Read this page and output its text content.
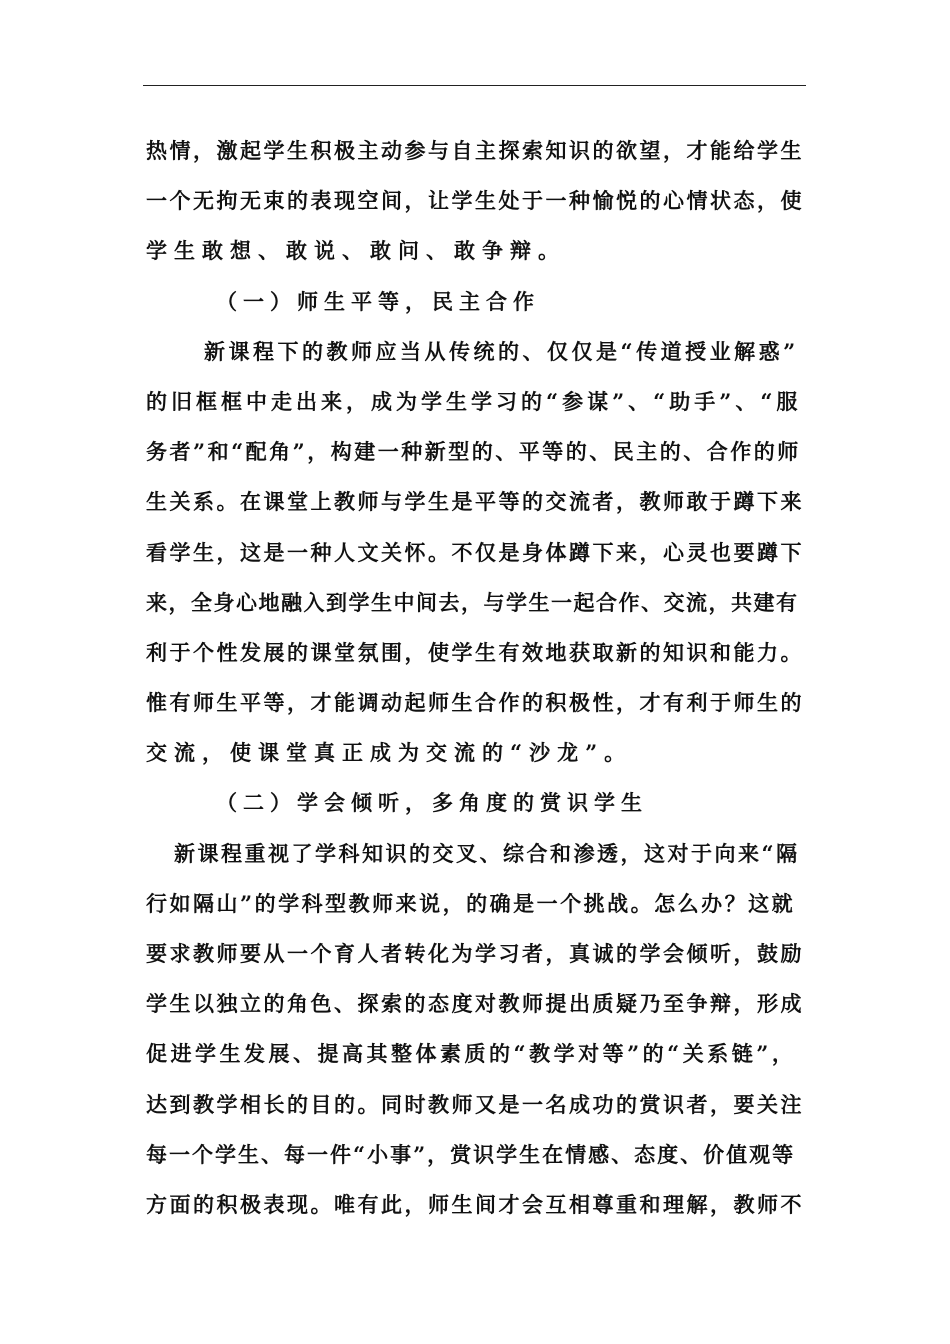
热情，激起学生积极主动参与自主探索知识的欲望，才能给学生
一个无拘无束的表现空间，让学生处于一种愉悦的心情状态，使
学生敢想、敢说、敢问、敢争辩。
（一）师生平等，民主合作
新课程下的教师应当从传统的、仅仅是“传道授业解惑”
的旧框框中走出来，成为学生学习的“参谋”、“助手”、“服
务者”和“配角”，构建一种新型的、平等的、民主的、合作的师
生关系。在课堂上教师与学生是平等的交流者，教师敢于蹲下来
看学生，这是一种人文关怀。不仅是身体蹲下来，心灵也要蹲下
来，全身心地融入到学生中间去，与学生一起合作、交流，共建有
利于个性发展的课堂氛围，使学生有效地获取新的知识和能力。
惟有师生平等，才能调动起师生合作的积极性，才有利于师生的
交流，使课堂真正成为交流的“沙龙”。
（二）学会倾听，多角度的赏识学生
新课程重视了学科知识的交叉、综合和渗透，这对于向来“隔
行如隔山”的学科型教师来说，的确是一个挑战。怎么办？这就
要求教师要从一个育人者转化为学习者，真诚的学会倾听，鼓励
学生以独立的角色、探索的态度对教师提出质疑乃至争辩，形成
促进学生发展、提高其整体素质的“教学对等”的“关系链”，
达到教学相长的目的。同时教师又是一名成功的赏识者，要关注
每一个学生、每一件“小事”，赏识学生在情感、态度、价值观等
方面的积极表现。唯有此，师生间才会互相尊重和理解，教师不
